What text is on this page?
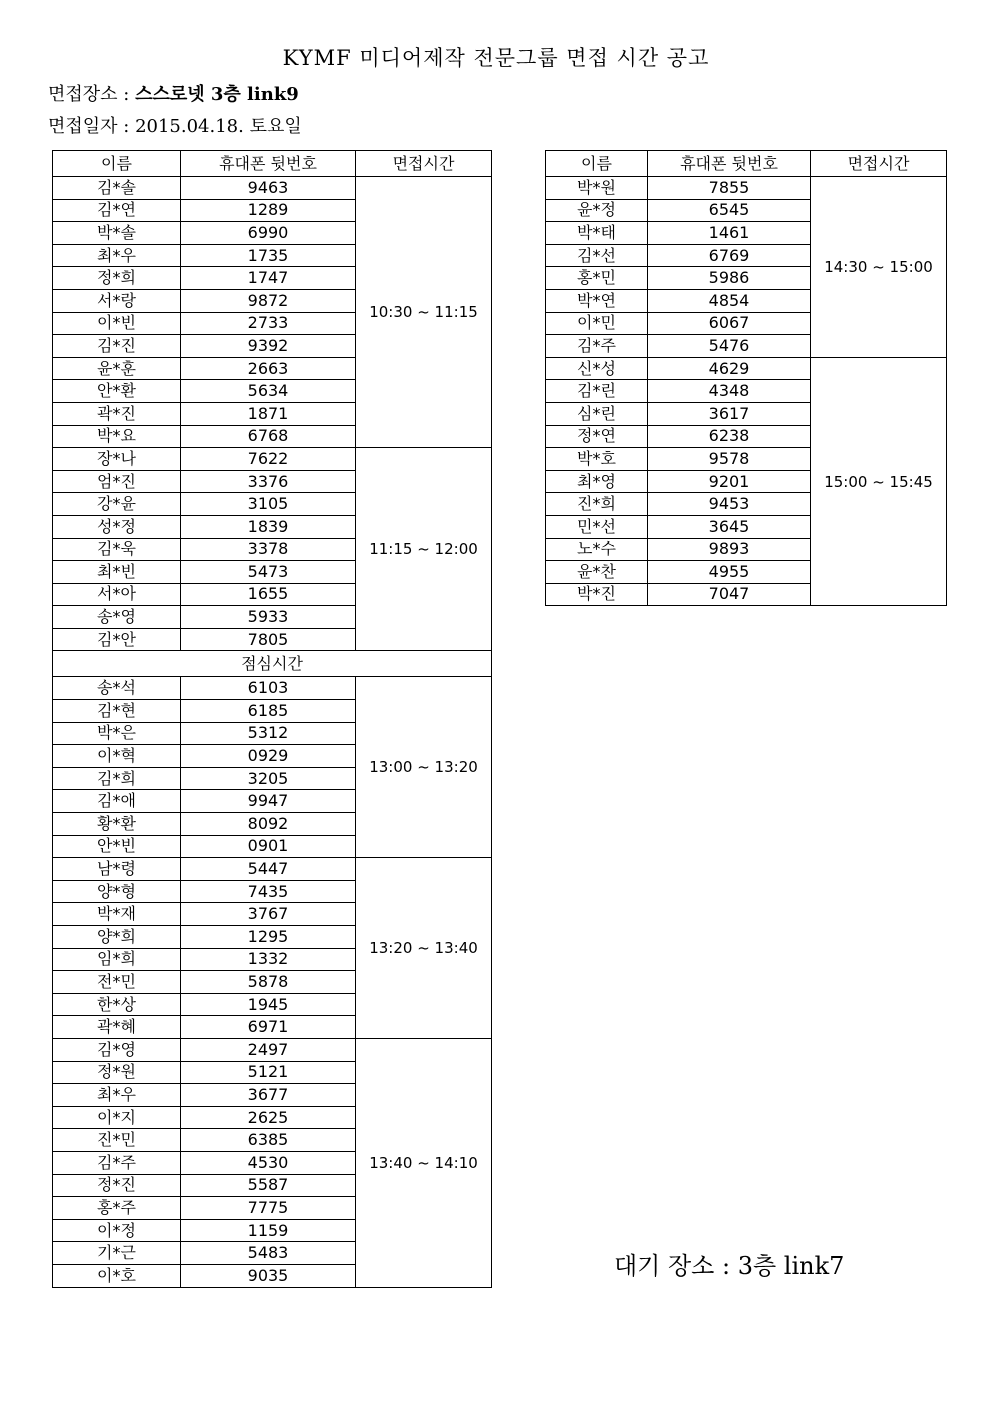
KYMF 미디어제작 전문그룹 면접 시간 공고
면접장소 : 스스로넷 3층 link9
면접일자 : 2015.04.18. 토요일
이름	휴대폰 뒷번호	면접시간
김*솔	9463	10:30 ~ 11:15
김*연	1289	
박*솔	6990	
최*우	1735	
정*희	1747	
서*랑	9872	
이*빈	2733	
김*진	9392	
윤*훈	2663	
안*환	5634	
곽*진	1871	
박*요	6768	
장*나	7622	11:15 ~ 12:00
엄*진	3376	
강*윤	3105	
성*정	1839	
김*욱	3378	
최*빈	5473	
서*아	1655	
송*영	5933	
김*안	7805	
점심시간		
송*석	6103	13:00 ~ 13:20
김*현	6185	
박*은	5312	
이*혁	0929	
김*희	3205	
김*애	9947	
황*환	8092	
안*빈	0901	
남*령	5447	13:20 ~ 13:40
양*형	7435	
박*재	3767	
양*희	1295	
임*희	1332	
전*민	5878	
한*상	1945	
곽*혜	6971	
김*영	2497	13:40 ~ 14:10
정*원	5121	
최*우	3677	
이*지	2625	
진*민	6385	
김*주	4530	
정*진	5587	
홍*주	7775	
이*정	1159	
기*근	5483	
이*호	9035	
이름	휴대폰 뒷번호	면접시간
박*원	7855	14:30 ~ 15:00
윤*정	6545	
박*태	1461	
김*선	6769	
홍*민	5986	
박*연	4854	
이*민	6067	
김*주	5476	
신*성	4629	15:00 ~ 15:45
김*린	4348	
심*린	3617	
정*연	6238	
박*호	9578	
최*영	9201	
진*희	9453	
민*선	3645	
노*수	9893	
윤*찬	4955	
박*진	7047	
대기 장소 : 3층 link7
